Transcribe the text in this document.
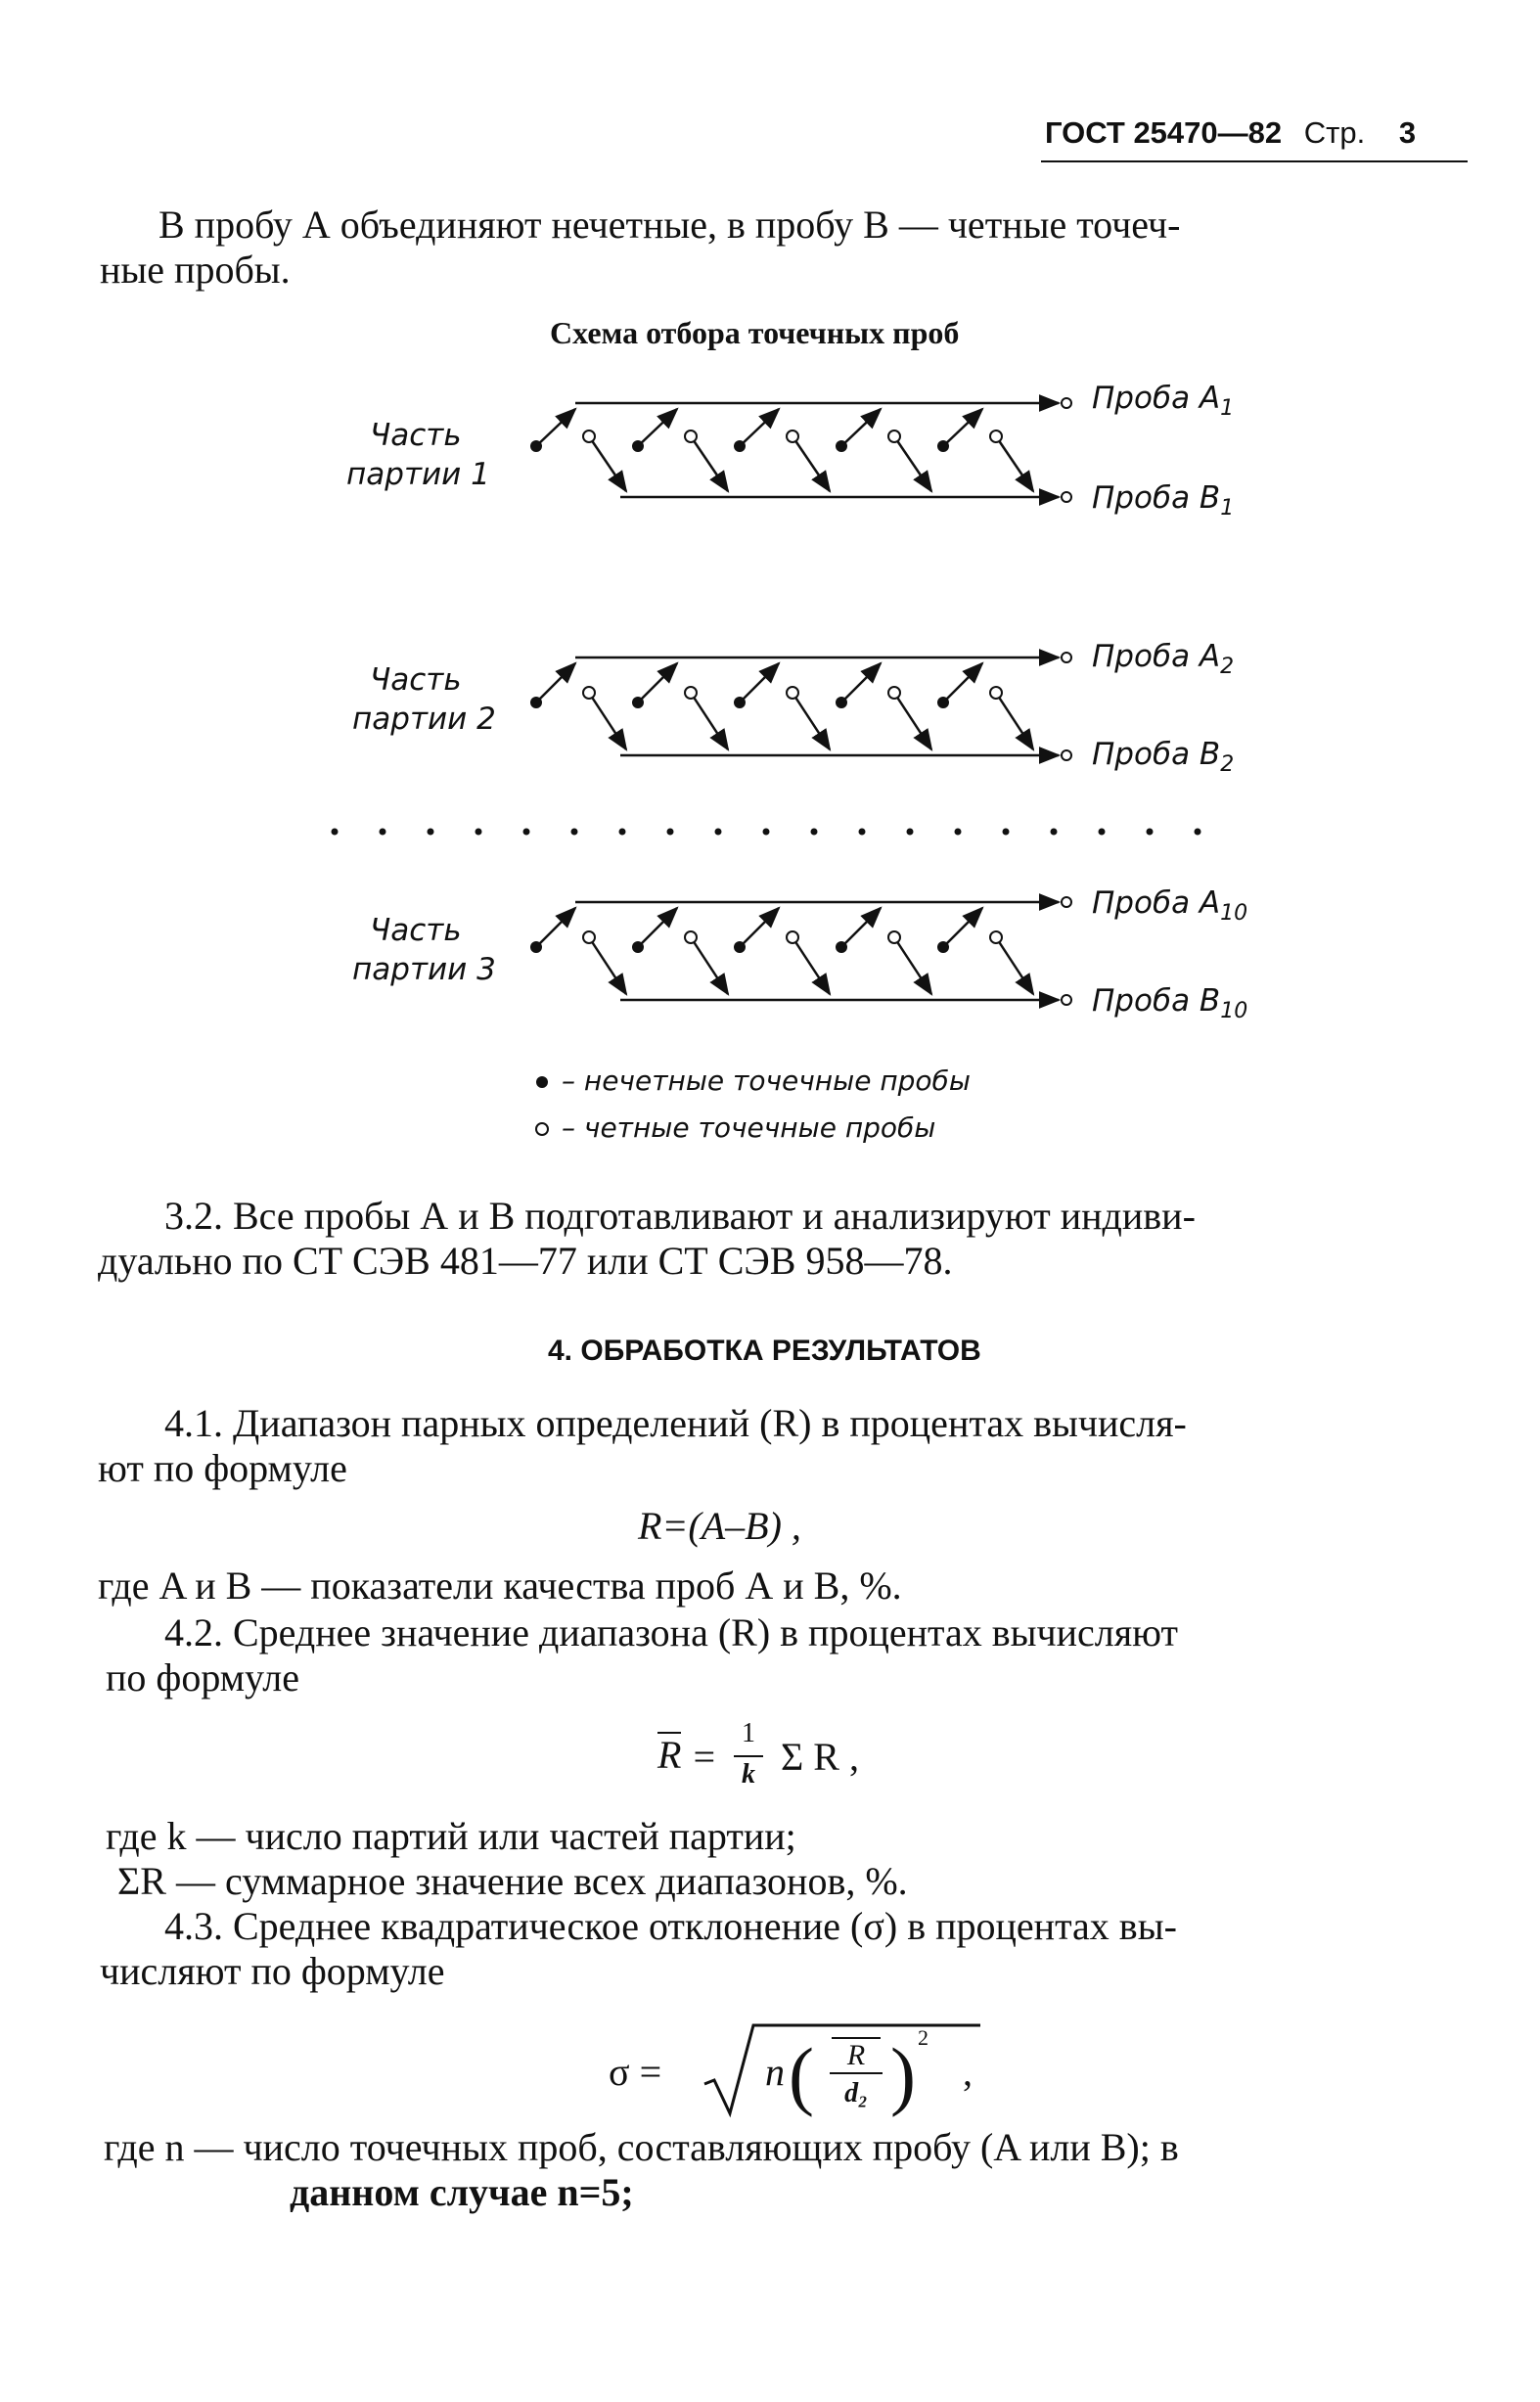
ГОСТ 25470—82 Стр. 3
В пробу А объединяют нечетные, в пробу В — четные точеч-
ные пробы.
Схема отбора точечных проб
Часть
партии 1
Проба $A_1$
Проба $B_1$
Часть
партии 2
Проба $A_2$
Проба $B_2$
Часть
партии 3
Проба $A_{10}$
Проба $B_{10}$
– нечетные точечные пробы
– четные точечные пробы
3.2. Все пробы А и В подготавливают и анализируют индиви-
дуально по СТ СЭВ 481—77 или СТ СЭВ 958—78.
4. ОБРАБОТКА РЕЗУЛЬТАТОВ
4.1. Диапазон парных определений (R) в процентах вычисля-
ют по формуле
R=(A–B) ,
где A и B — показатели качества проб А и В, %.
4.2. Среднее значение диапазона (R) в процентах вычисляют
по формуле
R =
1
k Σ R ,
где k — число партий или частей партии;
ΣR — суммарное значение всех диапазонов, %.
4.3. Среднее квадратическое отклонение (σ) в процентах вы-
числяют по формуле
σ =	n (	R
d₂ ) 2
,
где n — число точечных проб, составляющих пробу (A или B); в
данном случае n=5;
